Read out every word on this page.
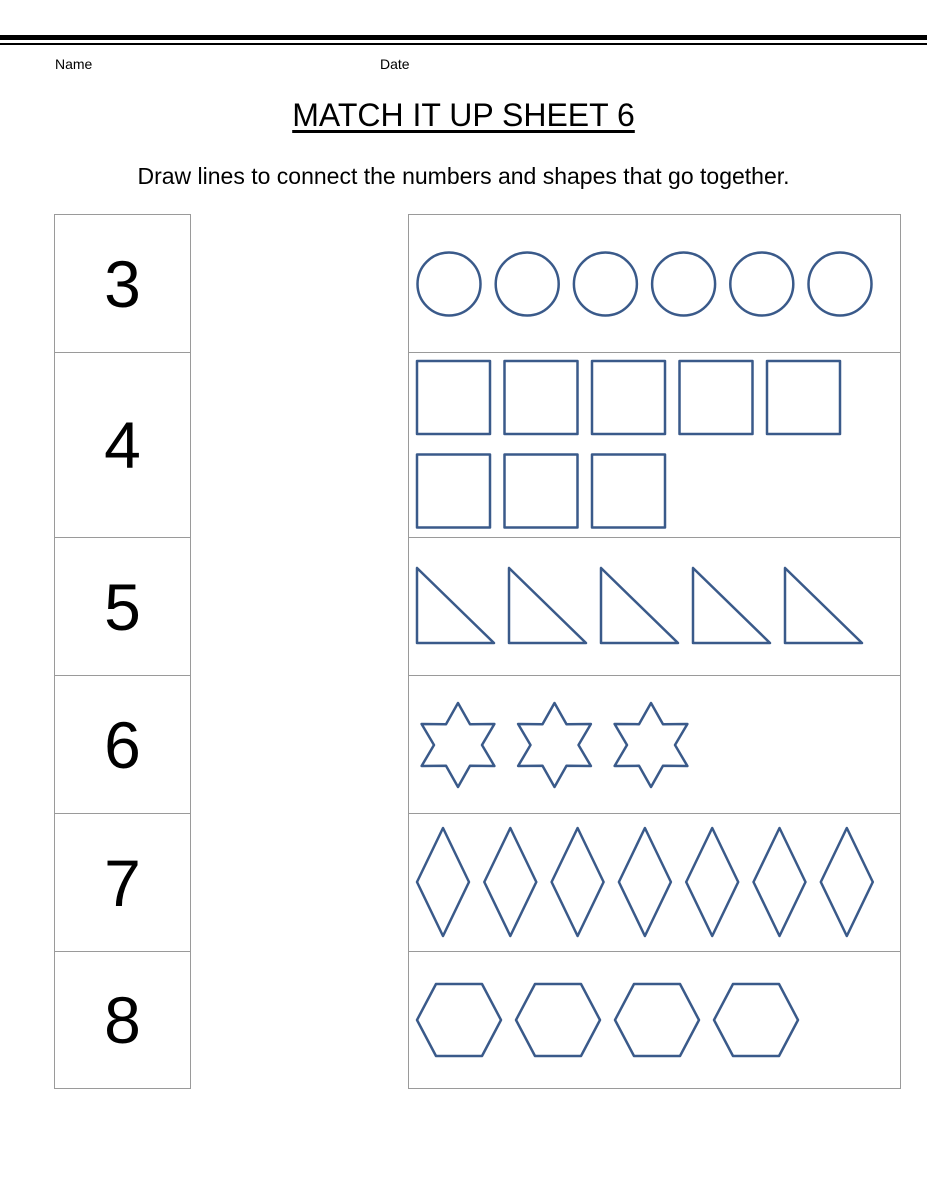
Name	Date
MATCH IT UP SHEET 6
Draw lines to connect the numbers and shapes that go together.
3
4
5
6
7
8
